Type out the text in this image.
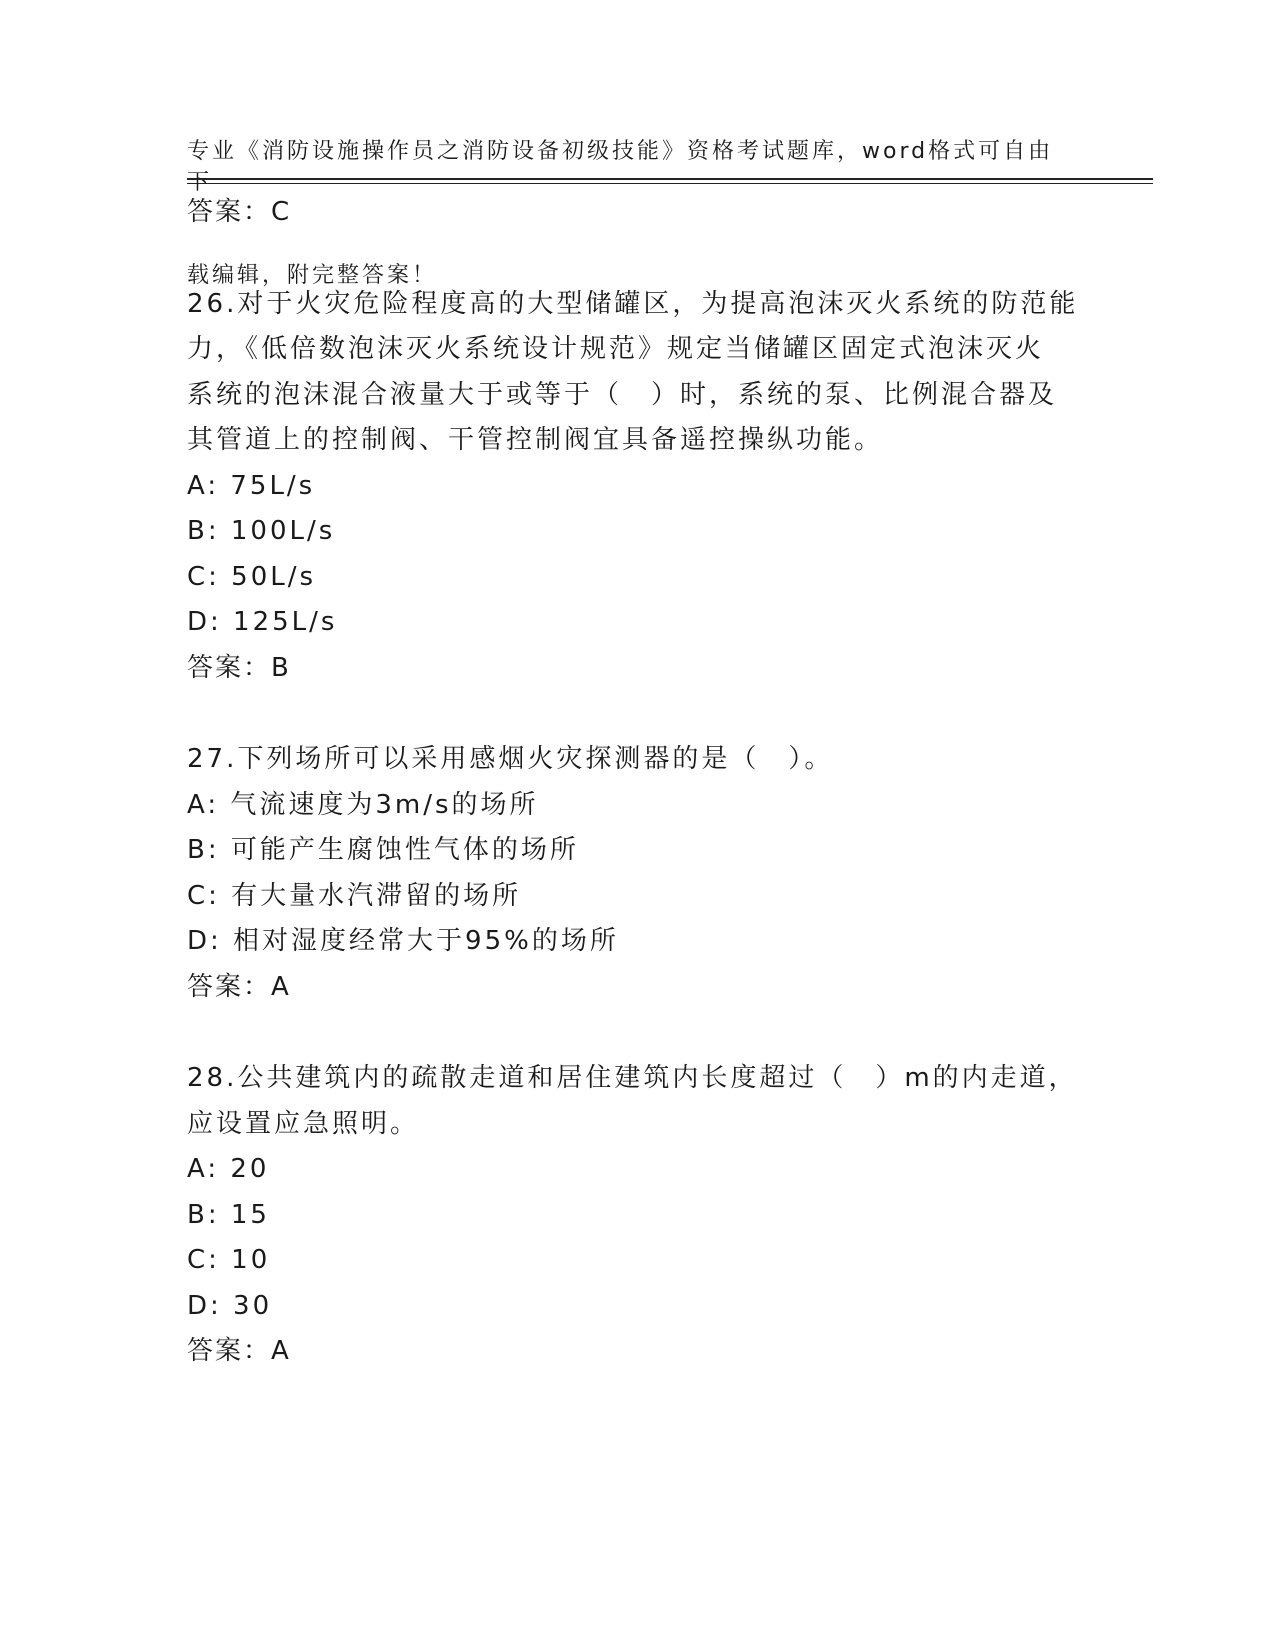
专业《消防设施操作员之消防设备初级技能》资格考试题库，word格式可自由下

载编辑，附完整答案！

答案：C
26.对于火灾危险程度高的大型储罐区，为提高泡沫灭火系统的防范能
力，《低倍数泡沫灭火系统设计规范》规定当储罐区固定式泡沫灭火
系统的泡沫混合液量大于或等于（　）时，系统的泵、比例混合器及
其管道上的控制阀、干管控制阀宜具备遥控操纵功能。
A: 75L/s
B: 100L/s
C: 50L/s
D: 125L/s
答案：B
27.下列场所可以采用感烟火灾探测器的是（　）。
A: 气流速度为3m/s的场所
B: 可能产生腐蚀性气体的场所
C: 有大量水汽滞留的场所
D: 相对湿度经常大于95%的场所
答案：A
28.公共建筑内的疏散走道和居住建筑内长度超过（　）m的内走道，
应设置应急照明。
A: 20
B: 15
C: 10
D: 30
答案：A
